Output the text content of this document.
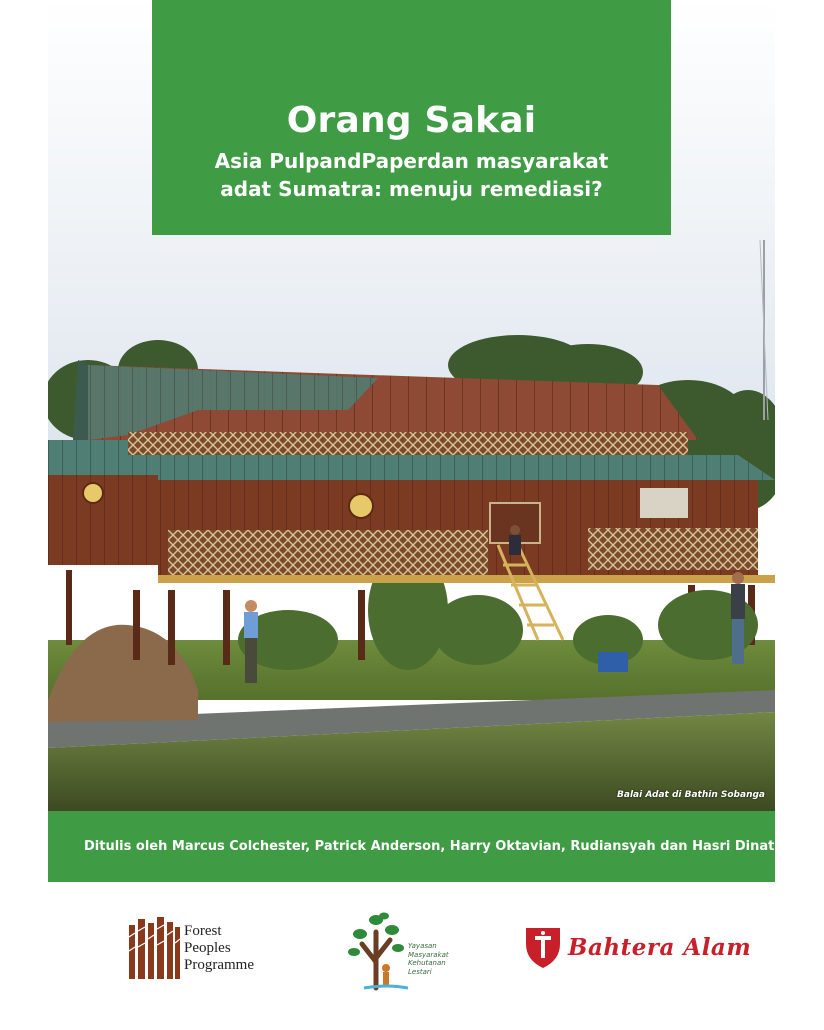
Balai Adat di Bathin Sobanga
Orang Sakai
Asia PulpandPaperdan masyarakat
adat Sumatra: menuju remediasi?
Ditulis oleh Marcus Colchester, Patrick Anderson, Harry Oktavian, Rudiansyah dan Hasri Dinata
Forest
Peoples
Programme
Yayasan
Masyarakat
Kehutanan
Lestari
Bahtera Alam
